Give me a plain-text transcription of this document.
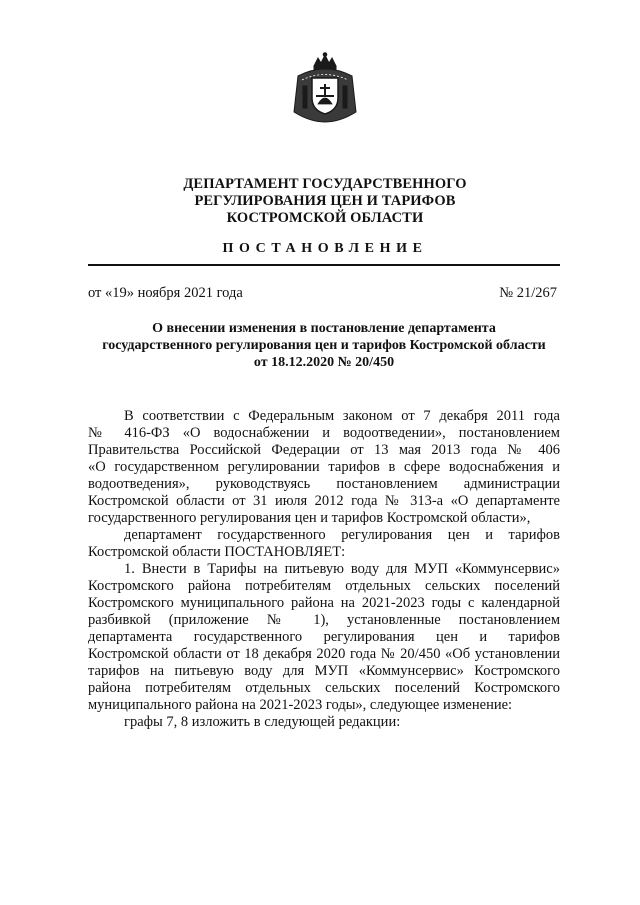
ДЕПАРТАМЕНТ ГОСУДАРСТВЕННОГО
РЕГУЛИРОВАНИЯ ЦЕН И ТАРИФОВ
КОСТРОМСКОЙ ОБЛАСТИ
ПОСТАНОВЛЕНИЕ
от «19» ноября 2021 года	№ 21/267
О внесении изменения в постановление департамента
государственного регулирования цен и тарифов Костромской области
от 18.12.2020 № 20/450
В соответствии с Федеральным законом от 7 декабря 2011 года
№ 416-ФЗ «О водоснабжении и водоотведении», постановлением
Правительства Российской Федерации от 13 мая 2013 года № 406
«О государственном регулировании тарифов в сфере водоснабжения и
водоотведения», руководствуясь постановлением администрации
Костромской области от 31 июля 2012 года № 313-а «О департаменте
государственного регулирования цен и тарифов Костромской области»,
департамент государственного регулирования цен и тарифов
Костромской области ПОСТАНОВЛЯЕТ:
1. Внести в Тарифы на питьевую воду для МУП «Коммунсервис»
Костромского района потребителям отдельных сельских поселений
Костромского муниципального района на 2021-2023 годы с календарной
разбивкой (приложение № 1), установленные постановлением
департамента государственного регулирования цен и тарифов
Костромской области от 18 декабря 2020 года № 20/450 «Об установлении
тарифов на питьевую воду для МУП «Коммунсервис» Костромского
района потребителям отдельных сельских поселений Костромского
муниципального района на 2021-2023 годы», следующее изменение:
графы 7, 8 изложить в следующей редакции:
